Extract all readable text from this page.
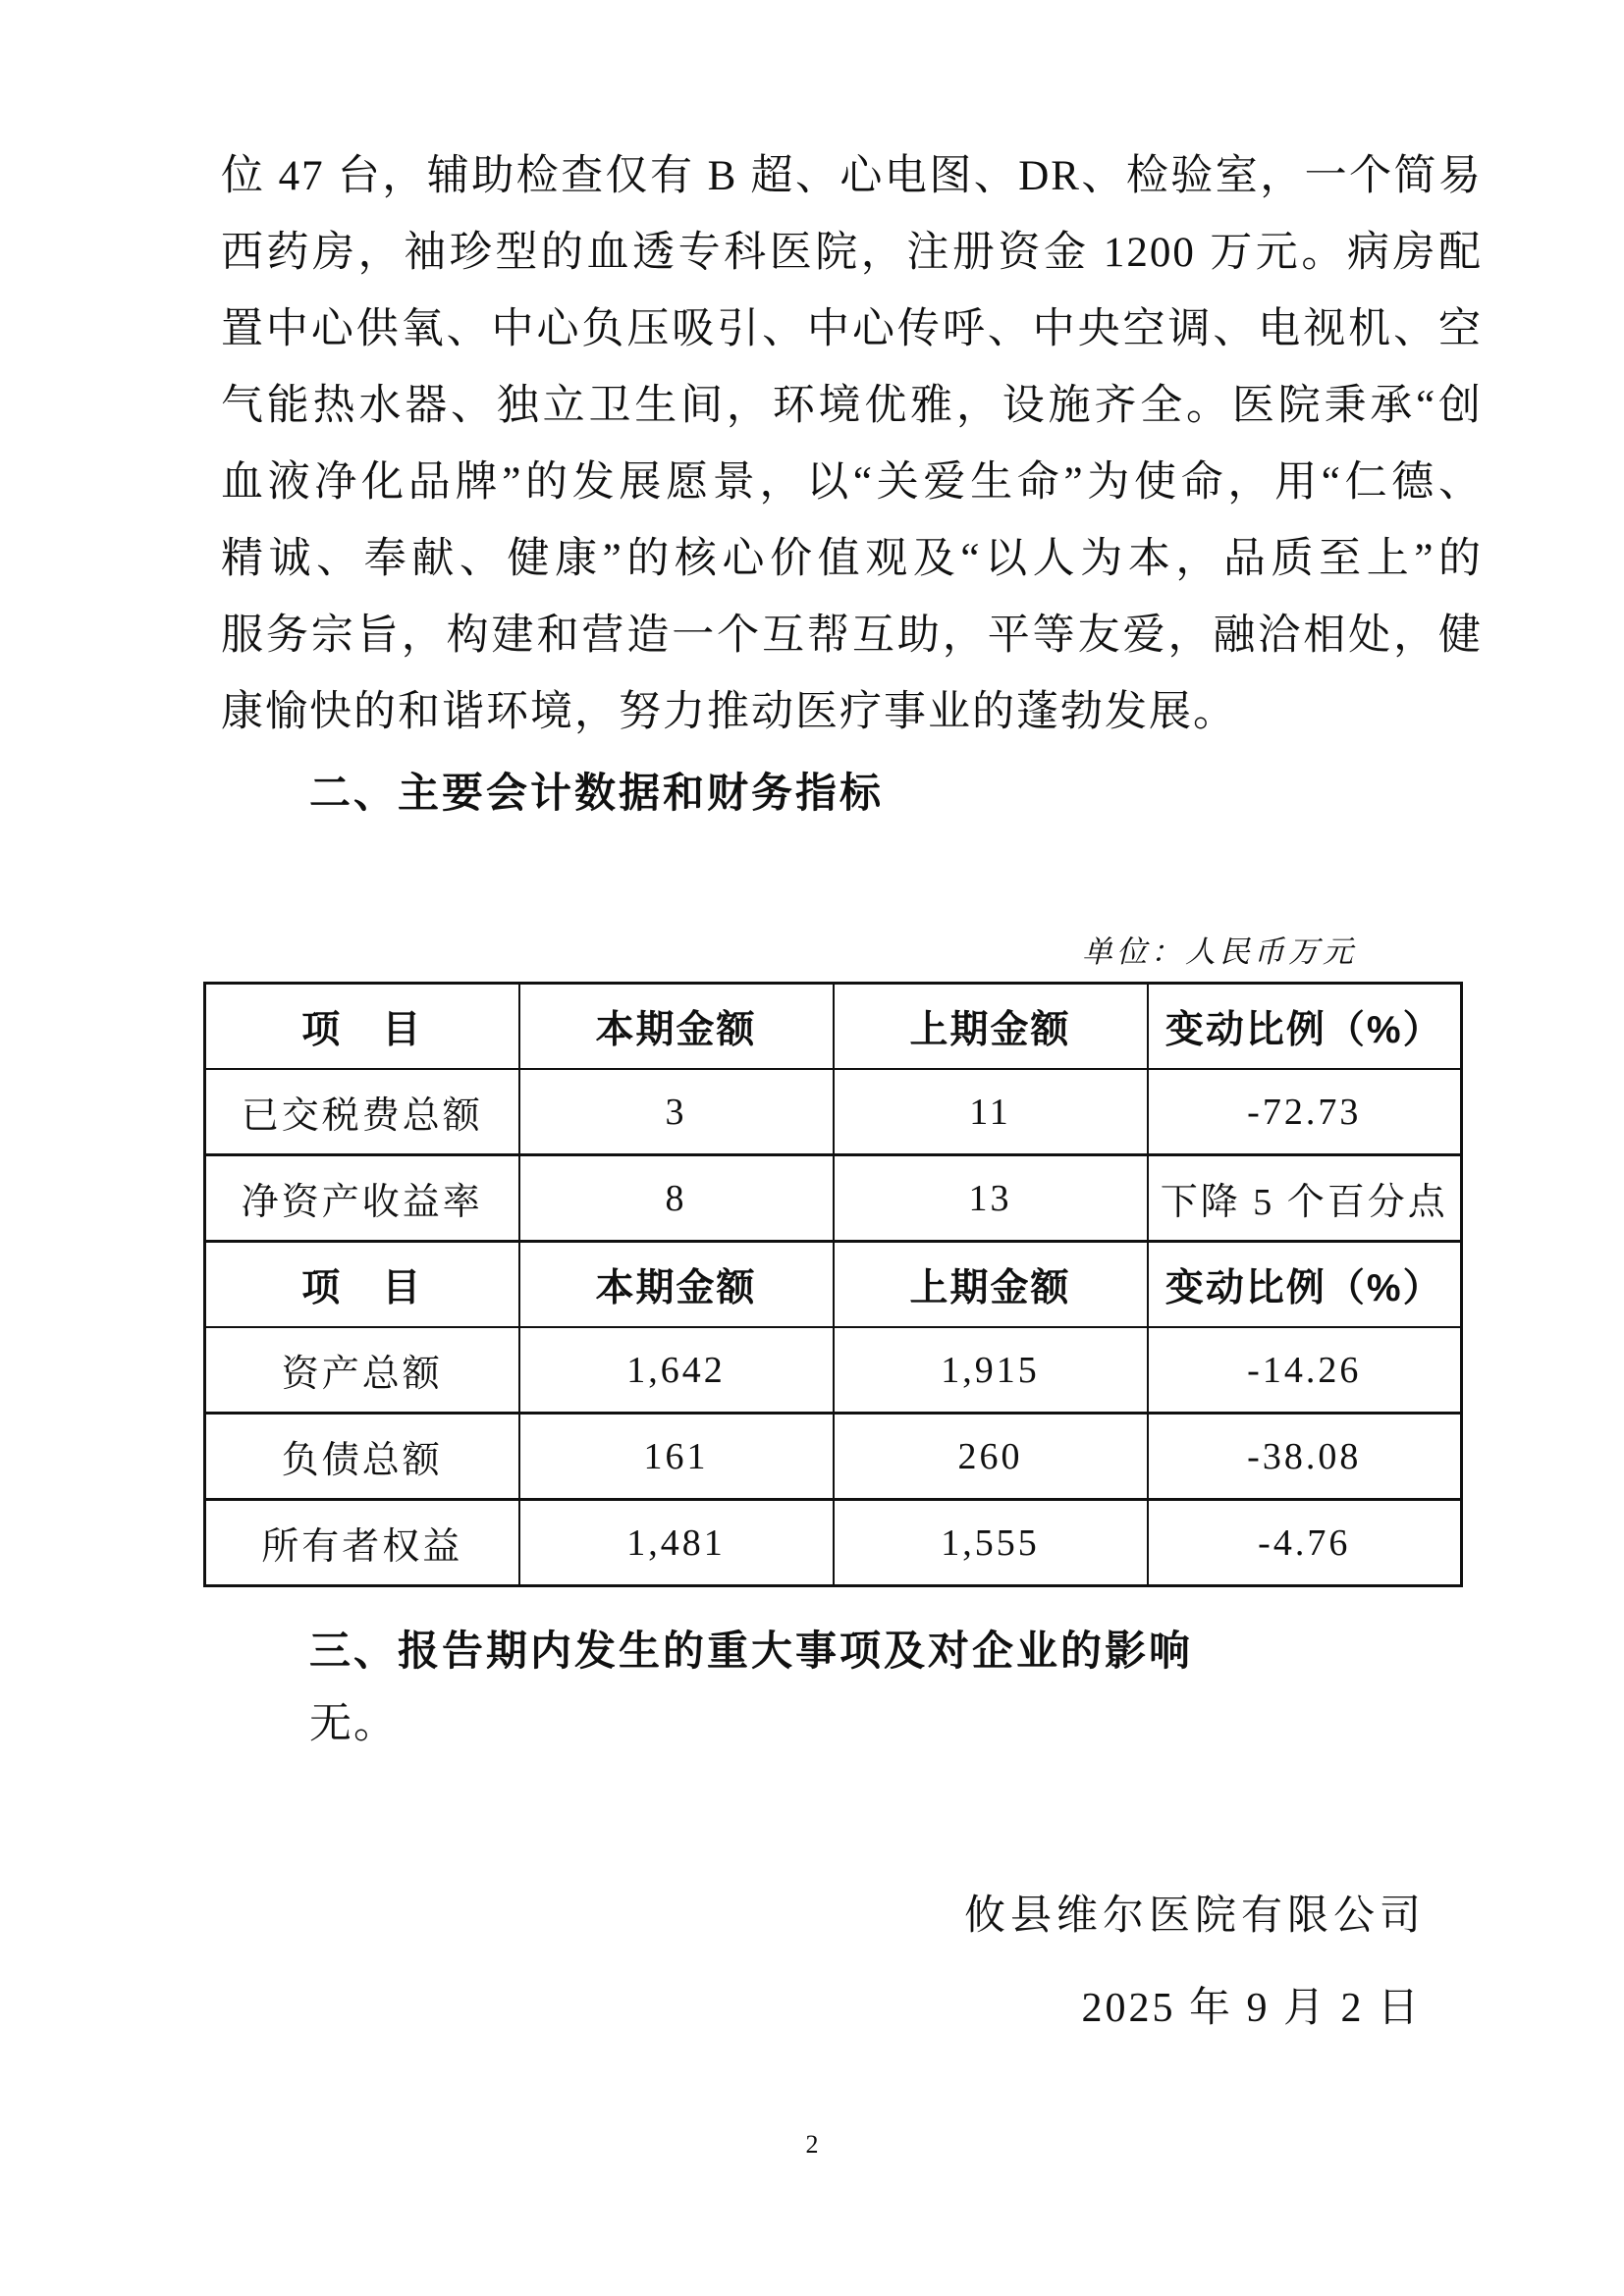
位 47 台，辅助检查仅有 B 超、心电图、DR、检验室，一个简易
西药房，袖珍型的血透专科医院，注册资金 1200 万元。病房配
置中心供氧、中心负压吸引、中心传呼、中央空调、电视机、空
气能热水器、独立卫生间，环境优雅，设施齐全。医院秉承“创
血液净化品牌”的发展愿景，以“关爱生命”为使命，用“仁德、
精诚、奉献、健康”的核心价值观及“以人为本，品质至上”的
服务宗旨，构建和营造一个互帮互助，平等友爱，融洽相处，健
康愉快的和谐环境，努力推动医疗事业的蓬勃发展。
二、主要会计数据和财务指标
单位：人民币万元
项　目	本期金额	上期金额	变动比例（%）
已交税费总额	3	11	-72.73
净资产收益率	8	13	下降 5 个百分点
项　目	本期金额	上期金额	变动比例（%）
资产总额	1,642	1,915	-14.26
负债总额	161	260	-38.08
所有者权益	1,481	1,555	-4.76
三、报告期内发生的重大事项及对企业的影响
无。
攸县维尔医院有限公司
2025 年 9 月 2 日
2
